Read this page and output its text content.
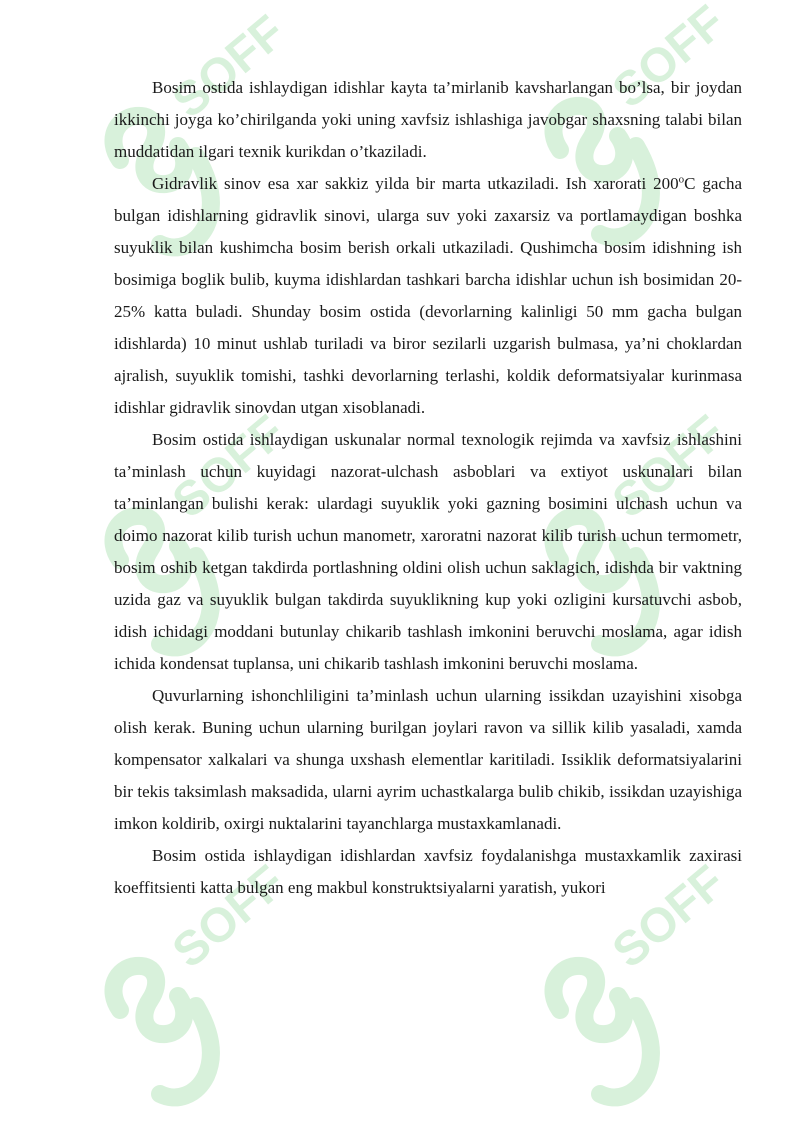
Bosim ostida ishlaydigan idishlar kayta ta’mirlanib kavsharlangan bo’lsa, bir joydan ikkinchi joyga ko’chirilganda yoki uning xavfsiz ishlashiga javobgar shaxsning talabi bilan muddatidan ilgari texnik kurikdan o’tkaziladi.

Gidravlik sinov esa xar sakkiz yilda bir marta utkaziladi. Ish xarorati 200$^o$C gacha bulgan idishlarning gidravlik sinovi, ularga suv yoki zaxarsiz va portlamaydigan boshka suyuklik bilan kushimcha bosim berish orkali utkaziladi. Qushimcha bosim idishning ish bosimiga boglik bulib, kuyma idishlardan tashkari barcha idishlar uchun ish bosimidan 20-25% katta buladi. Shunday bosim ostida (devorlarning kalinligi 50 mm gacha bulgan idishlarda) 10 minut ushlab turiladi va biror sezilarli uzgarish bulmasa, ya’ni choklardan ajralish, suyuklik tomishi, tashki devorlarning terlashi, koldik deformatsiyalar kurinmasa idishlar gidravlik sinovdan utgan xisoblanadi.

Bosim ostida ishlaydigan uskunalar normal texnologik rejimda va xavfsiz ishlashini ta’minlash uchun kuyidagi nazorat-ulchash asboblari va extiyot uskunalari bilan ta’minlangan bulishi kerak: ulardagi suyuklik yoki gazning bosimini ulchash uchun va doimo nazorat kilib turish uchun manometr, xaroratni nazorat kilib turish uchun termometr, bosim oshib ketgan takdirda portlashning oldini olish uchun saklagich, idishda bir vaktning uzida gaz va suyuklik bulgan takdirda suyuklikning kup yoki ozligini kursatuvchi asbob, idish ichidagi moddani butunlay chikarib tashlash imkonini beruvchi moslama, agar idish ichida kondensat tuplansa, uni chikarib tashlash imkonini beruvchi moslama.

Quvurlarning ishonchliligini ta’minlash uchun ularning issikdan uzayishini xisobga olish kerak. Buning uchun ularning burilgan joylari ravon va sillik kilib yasaladi, xamda kompensator xalkalari va shunga uxshash elementlar karitiladi. Issiklik deformatsiyalarini bir tekis taksimlash maksadida, ularni ayrim uchastkalarga bulib chikib, issikdan uzayishiga imkon koldirib, oxirgi nuktalarini tayanchlarga mustaxkamlanadi.

Bosim ostida ishlaydigan idishlardan xavfsiz foydalanishga mustaxkamlik zaxirasi koeffitsienti katta bulgan eng makbul konstruktsiyalarni yaratish, yukori
